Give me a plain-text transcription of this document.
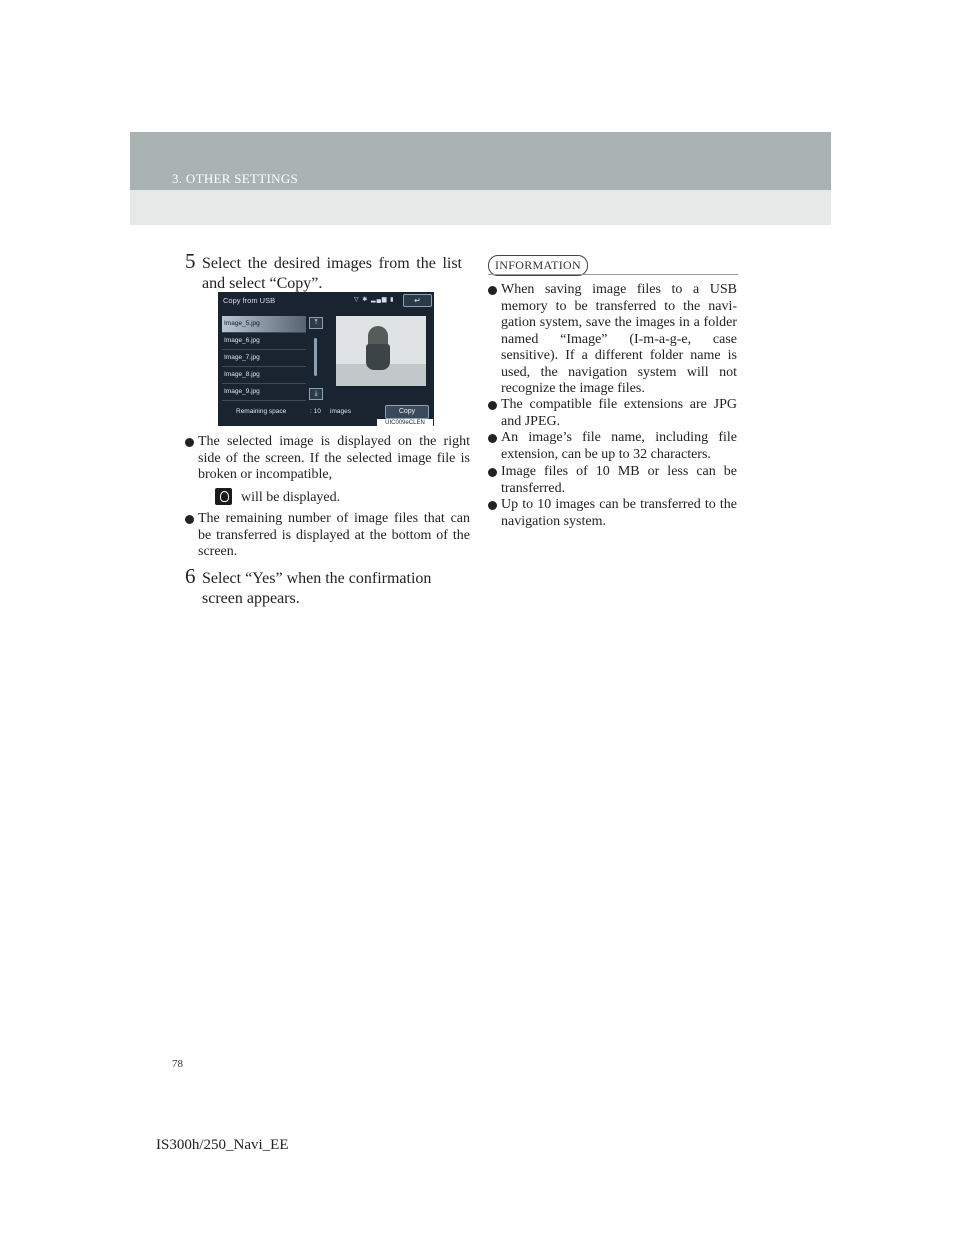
3. OTHER SETTINGS
5 Select the desired images from the list and select “Copy”.
Copy from USB	▽ ✱ ▂▄▆ ▮	↵
Image_5.jpg
Image_6.jpg
Image_7.jpg
Image_8.jpg
Image_9.jpg
⤒
⤓
Remaining space	: 10 images	Copy
UIC009eCLEN
The selected image is displayed on the right side of the screen. If the selected image file is broken or incompatible,
will be displayed.
The remaining number of image files that can be transferred is displayed at the bottom of the screen.
6 Select “Yes” when the confirmation screen appears.
INFORMATION
When saving image files to a USB memory to be transferred to the navi-gation system, save the images in a folder named “Image” (I-m-a-g-e, case sensitive). If a different folder name is used, the navigation system will not recognize the image files.
The compatible file extensions are JPG and JPEG.
An image’s file name, including file extension, can be up to 32 characters.
Image files of 10 MB or less can be transferred.
Up to 10 images can be transferred to the navigation system.
78
IS300h/250_Navi_EE
